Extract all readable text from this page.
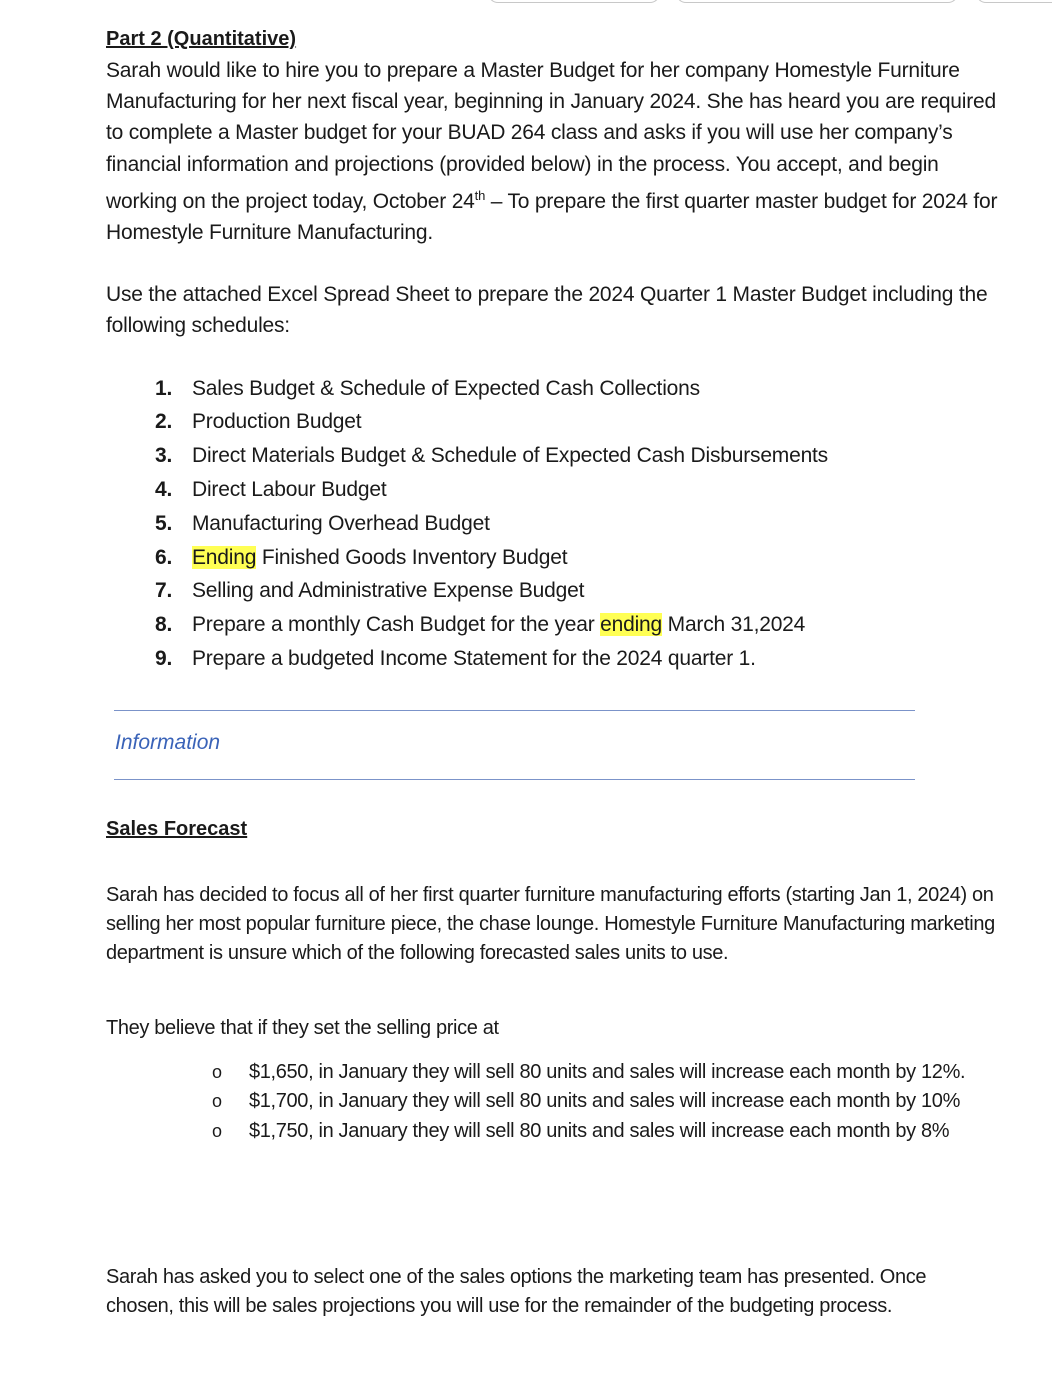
Part 2 (Quantitative)

Sarah would like to hire you to prepare a Master Budget for her company Homestyle Furniture Manufacturing for her next fiscal year, beginning in January 2024. She has heard you are required to complete a Master budget for your BUAD 264 class and asks if you will use her company’s financial information and projections (provided below) in the process. You accept, and begin working on the project today, October 24th – To prepare the first quarter master budget for 2024 for Homestyle Furniture Manufacturing.

Use the attached Excel Spread Sheet to prepare the 2024 Quarter 1 Master Budget including the following schedules:

1. Sales Budget & Schedule of Expected Cash Collections
2. Production Budget
3. Direct Materials Budget & Schedule of Expected Cash Disbursements
4. Direct Labour Budget
5. Manufacturing Overhead Budget
6. Ending Finished Goods Inventory Budget
7. Selling and Administrative Expense Budget
8. Prepare a monthly Cash Budget for the year ending March 31,2024
9. Prepare a budgeted Income Statement for the 2024 quarter 1.

Information

Sales Forecast

Sarah has decided to focus all of her first quarter furniture manufacturing efforts (starting Jan 1, 2024) on selling her most popular furniture piece, the chase lounge. Homestyle Furniture Manufacturing marketing department is unsure which of the following forecasted sales units to use.

They believe that if they set the selling price at

o	$1,650, in January they will sell 80 units and sales will increase each month by 12%.
o	$1,700, in January they will sell 80 units and sales will increase each month by 10%
o	$1,750, in January they will sell 80 units and sales will increase each month by 8%

Sarah has asked you to select one of the sales options the marketing team has presented. Once chosen, this will be sales projections you will use for the remainder of the budgeting process.
